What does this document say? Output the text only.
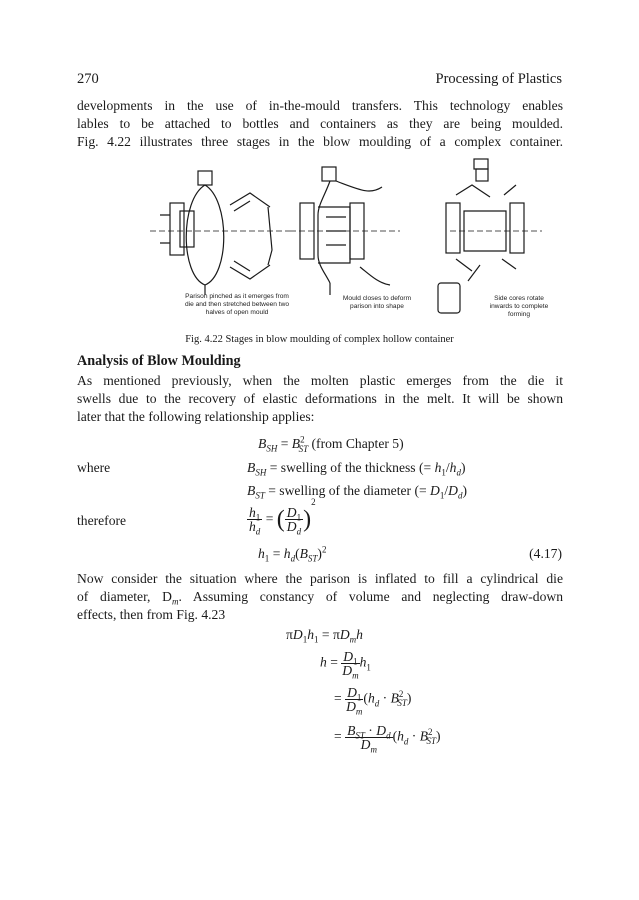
270	Processing of Plastics
developments in the use of in-the-mould transfers. This technology enables
lables to be attached to bottles and containers as they are being moulded.
Fig. 4.22 illustrates three stages in the blow moulding of a complex container.
Parison pinched as it emerges from
die and then stretched between two
halves of open mould
Mould closes to deform
parison into shape
Side cores rotate
inwards to complete
forming
Fig. 4.22 Stages in blow moulding of complex hollow container
Analysis of Blow Moulding
As mentioned previously, when the molten plastic emerges from the die it
swells due to the recovery of elastic deformations in the melt. It will be shown
later that the following relationship applies:
$B_{SH} = B^2_{ST}$ (from Chapter 5)
where	$B_{SH}$ = swelling of the thickness (= $h_1/h_d$)
$B_{ST}$ = swelling of the diameter (= $D_1/D_d$)
therefore	$\frac{h_1}{h_d}$ = ( $\frac{D_1}{D_d} )^2$
$h_1 = h_d(B_{ST})^2$	(4.17)
Now consider the situation where the parison is inflated to fill a cylindrical die
of diameter, $D_m$. Assuming constancy of volume and neglecting draw-down
effects, then from Fig. 4.23
$\pi D_1h_1 = \pi D_mh$
$h = \frac{D_1}{D_m} h_1$
= $\frac{D_1}{D_m} (h_d \cdot B^2_{ST})$
= $\frac{B_{ST} \cdot D_d}{D_m} (h_d \cdot B^2_{ST})$
